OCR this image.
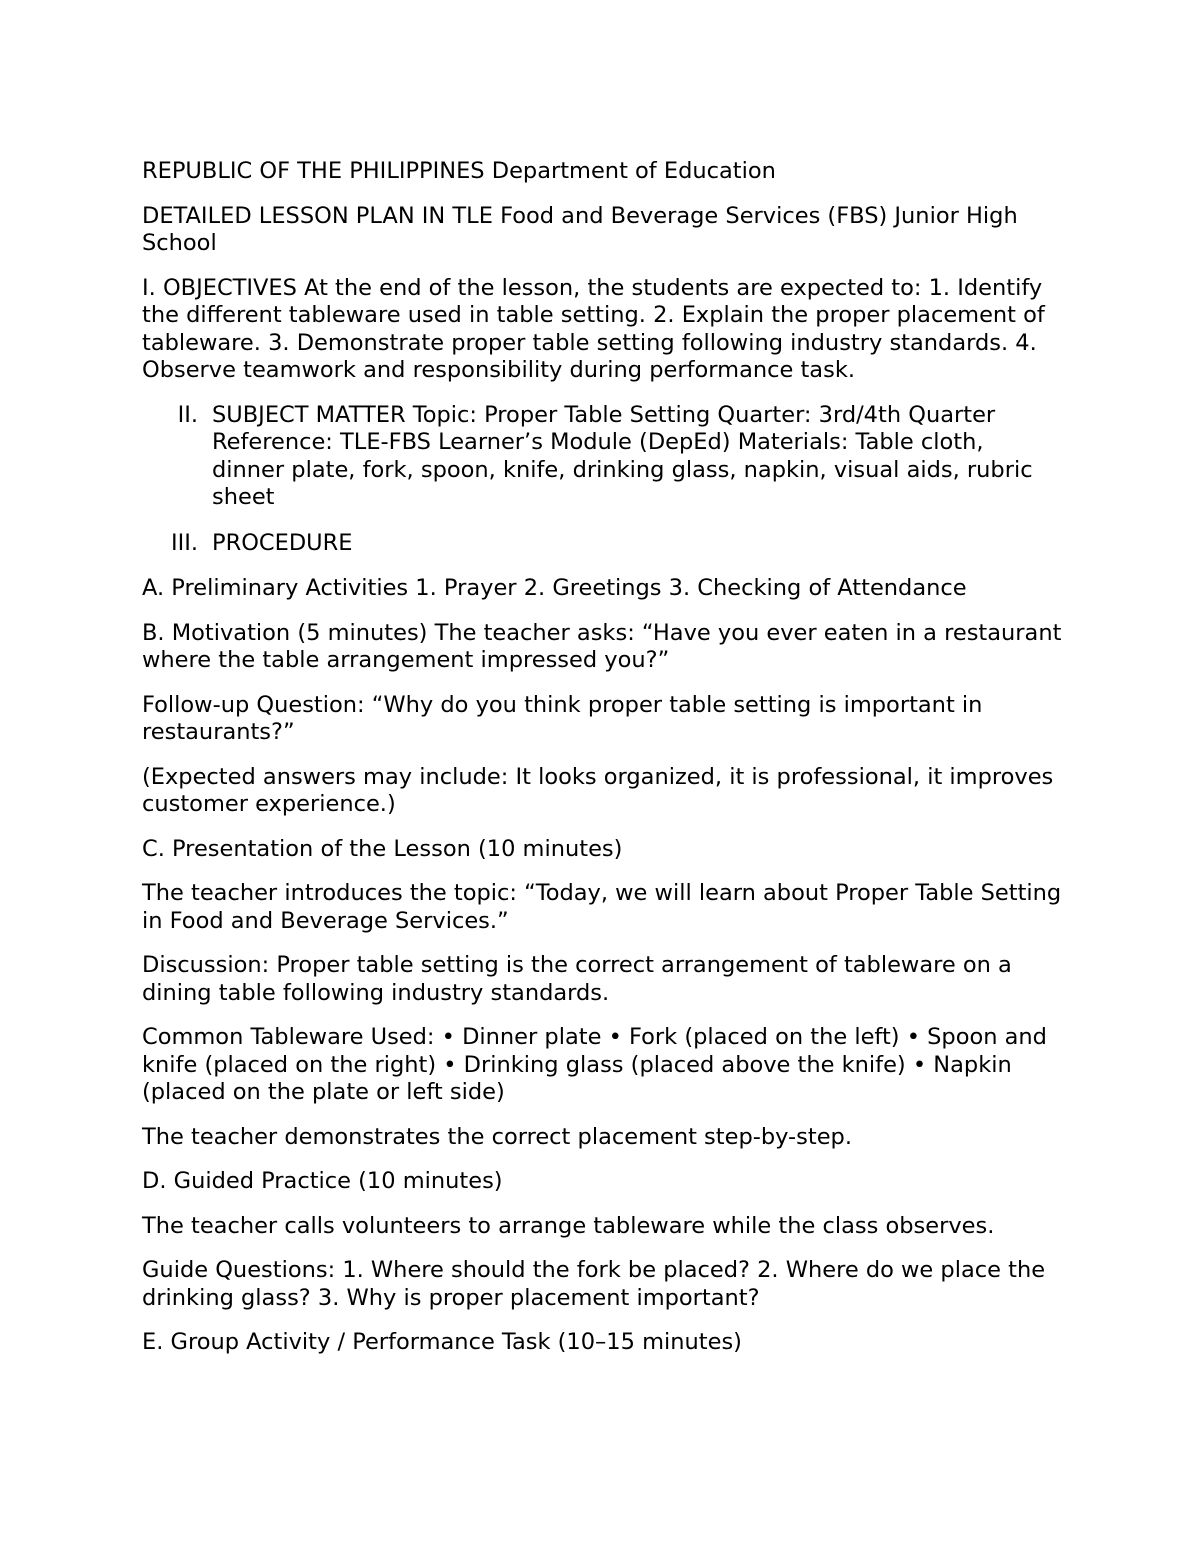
REPUBLIC OF THE PHILIPPINES Department of Education

DETAILED LESSON PLAN IN TLE Food and Beverage Services (FBS) Junior High School

I. OBJECTIVES At the end of the lesson, the students are expected to: 1. Identify the different tableware used in table setting. 2. Explain the proper placement of tableware. 3. Demonstrate proper table setting following industry standards. 4. Observe teamwork and responsibility during performance task.

II. SUBJECT MATTER Topic: Proper Table Setting Quarter: 3rd/4th Quarter Reference: TLE-FBS Learner’s Module (DepEd) Materials: Table cloth, dinner plate, fork, spoon, knife, drinking glass, napkin, visual aids, rubric sheet
III. PROCEDURE

A. Preliminary Activities 1. Prayer 2. Greetings 3. Checking of Attendance

B. Motivation (5 minutes) The teacher asks: “Have you ever eaten in a restaurant where the table arrangement impressed you?”

Follow-up Question: “Why do you think proper table setting is important in restaurants?”

(Expected answers may include: It looks organized, it is professional, it improves customer experience.)

C. Presentation of the Lesson (10 minutes)

The teacher introduces the topic: “Today, we will learn about Proper Table Setting in Food and Beverage Services.”

Discussion: Proper table setting is the correct arrangement of tableware on a dining table following industry standards.

Common Tableware Used: • Dinner plate • Fork (placed on the left) • Spoon and knife (placed on the right) • Drinking glass (placed above the knife) • Napkin (placed on the plate or left side)

The teacher demonstrates the correct placement step-by-step.

D. Guided Practice (10 minutes)

The teacher calls volunteers to arrange tableware while the class observes.

Guide Questions: 1. Where should the fork be placed? 2. Where do we place the drinking glass? 3. Why is proper placement important?

E. Group Activity / Performance Task (10–15 minutes)
